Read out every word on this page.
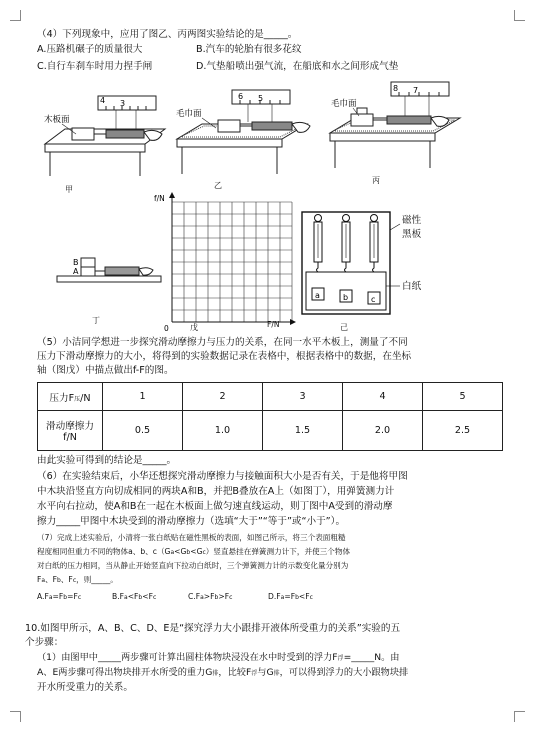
（4）下列现象中，应用了图乙、丙两图实验结论的是_____。
A.压路机碾子的质量很大	B.汽车的轮胎有很多花纹
C.自行车刹车时用力捏手闸	D.气垫船喷出强气流，在船底和水之间形成气垫
4 3
木板面
甲
6 5
毛巾面
乙
8 7
毛巾面
丙
B
A
丁
f/N
0	F/N
戊
a	b	c
磁性黑板
白纸
己
（5）小洁同学想进一步探究滑动摩擦力与压力的关系，在同一水平木板上，测量了不同
压力下滑动摩擦力的大小，将得到的实验数据记录在表格中，根据表格中的数据，在坐标
轴（图戊）中描点做出f-F的图。
压力F压/N	1	2	3	4	5

滑动摩擦力
f/N	0.5	1.0	1.5	2.0	2.5
由此实验可得到的结论是_____。
（6）在实验结束后，小华还想探究滑动摩擦力与接触面积大小是否有关，于是他将甲图
中木块沿竖直方向切成相同的两块A和B，并把B叠放在A上（如图丁），用弹簧测力计
水平向右拉动，使A和B在一起在木板面上做匀速直线运动，则丁图中A受到的滑动摩
擦力_____甲图中木块受到的滑动摩擦力（选填“大于”“等于”或“小于”）。
（7）完成上述实验后，小清将一张白纸贴在磁性黑板的表面，如图己所示，将三个表面粗糙
程度相同但重力不同的物体a、b、c（Ga<Gb<Gc）竖直悬挂在弹簧测力计下，并使三个物体
对白纸的压力相同，当从静止开始竖直向下拉动白纸时，三个弹簧测力计的示数变化量分别为
Fa、Fb、Fc，则_____。
A.Fa=Fb=Fc	B.Fa<Fb<Fc	C.Fa>Fb>Fc	D.Fa=Fb<Fc
10.如图甲所示，A、B、C、D、E是“探究浮力大小跟排开液体所受重力的关系”实验的五
个步骤：
（1）由图甲中_____两步骤可计算出圆柱体物块浸没在水中时受到的浮力F浮=_____N。由
A、E两步骤可得出物块排开水所受的重力G排，比较F浮与G排，可以得到浮力的大小跟物块排
开水所受重力的关系。
